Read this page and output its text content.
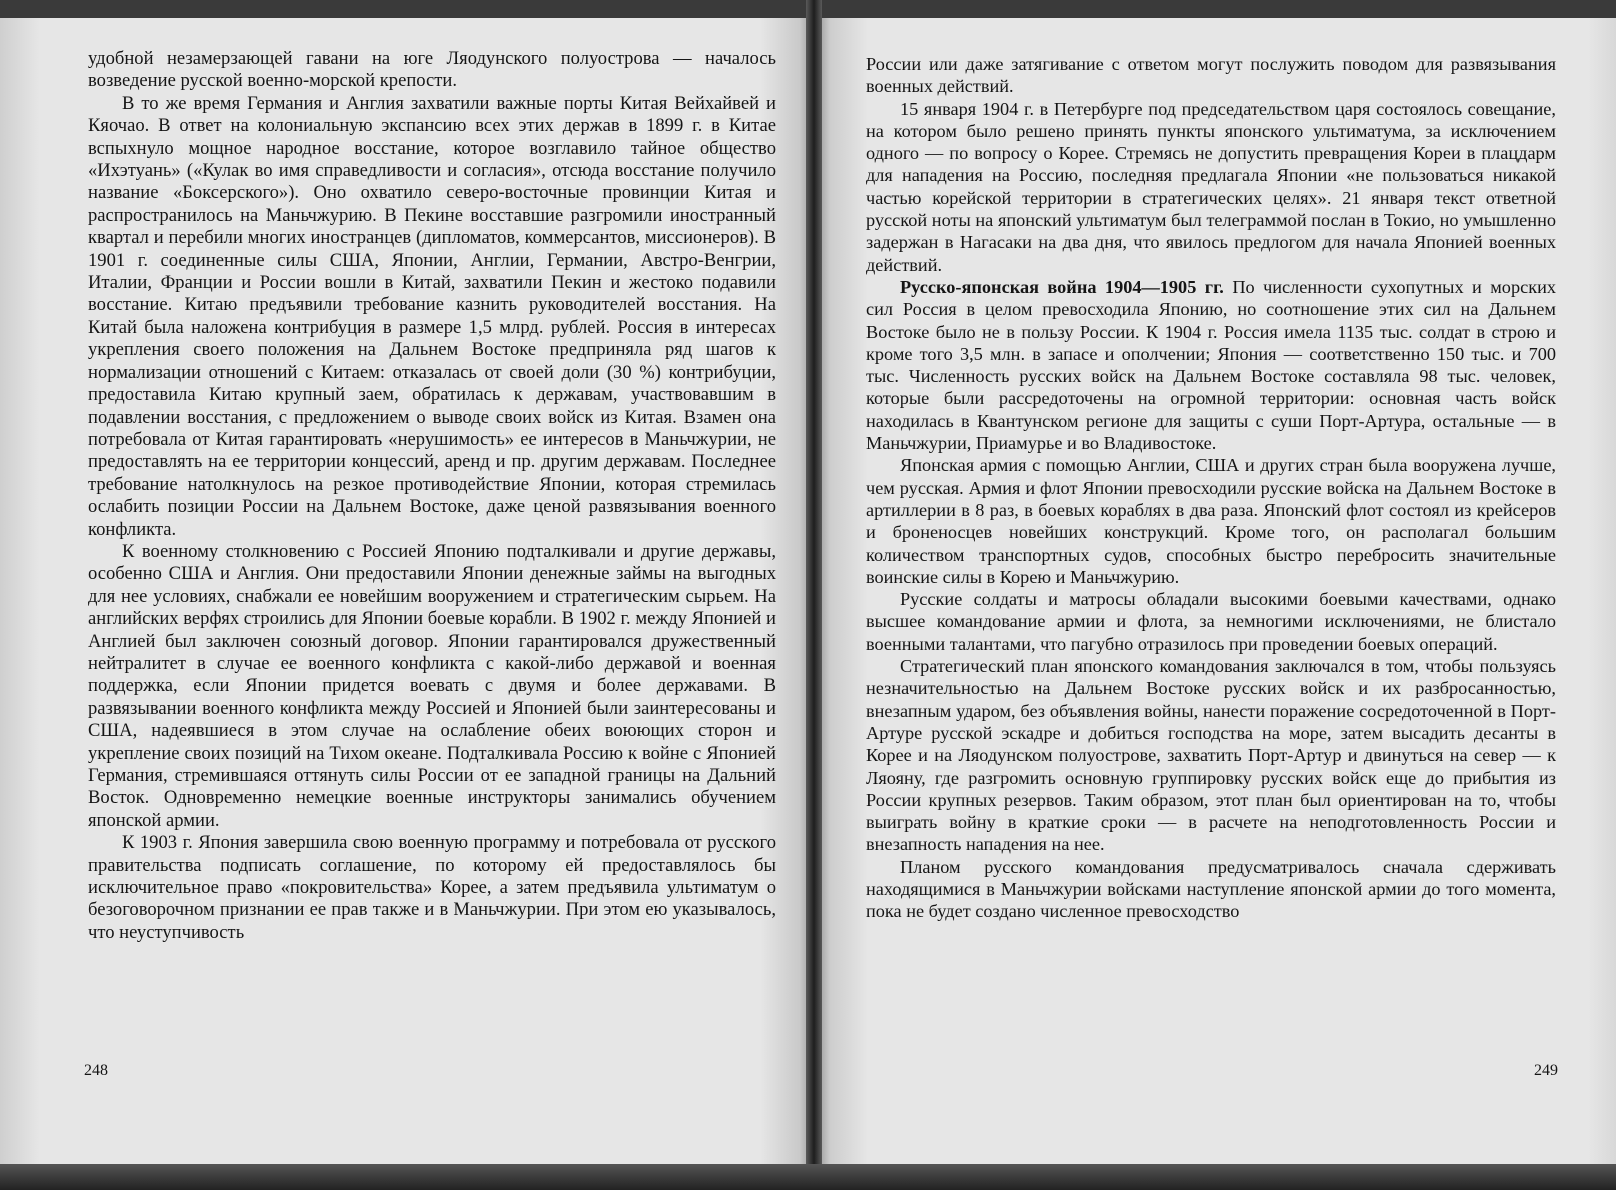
удобной незамерзающей гавани на юге Ляодунского полуострова — началось возведение русской военно-морской крепости.

В то же время Германия и Англия захватили важные порты Китая Вейхайвей и Кяочао. В ответ на колониальную экспансию всех этих держав в 1899 г. в Китае вспыхнуло мощное народное восстание, которое возглавило тайное общество «Ихэтуань» («Кулак во имя справедливости и согласия», отсюда восстание получило название «Боксерского»). Оно охватило северо-восточные провинции Китая и распространилось на Маньчжурию. В Пекине восставшие разгромили иностранный квартал и перебили многих иностранцев (дипломатов, коммерсантов, миссионеров). В 1901 г. соединенные силы США, Японии, Англии, Германии, Австро-Венгрии, Италии, Франции и России вошли в Китай, захватили Пекин и жестоко подавили восстание. Китаю предъявили требование казнить руководителей восстания. На Китай была наложена контрибуция в размере 1,5 млрд. рублей. Россия в интересах укрепления своего положения на Дальнем Востоке предприняла ряд шагов к нормализации отношений с Китаем: отказалась от своей доли (30 %) контрибуции, предоставила Китаю крупный заем, обратилась к державам, участвовавшим в подавлении восстания, с предложением о выводе своих войск из Китая. Взамен она потребовала от Китая гарантировать «нерушимость» ее интересов в Маньчжурии, не предоставлять на ее территории концессий, аренд и пр. другим державам. Последнее требование натолкнулось на резкое противодействие Японии, которая стремилась ослабить позиции России на Дальнем Востоке, даже ценой развязывания военного конфликта.

К военному столкновению с Россией Японию подталкивали и другие державы, особенно США и Англия. Они предоставили Японии денежные займы на выгодных для нее условиях, снабжали ее новейшим вооружением и стратегическим сырьем. На английских верфях строились для Японии боевые корабли. В 1902 г. между Японией и Англией был заключен союзный договор. Японии гарантировался дружественный нейтралитет в случае ее военного конфликта с какой-либо державой и военная поддержка, если Японии придется воевать с двумя и более державами. В развязывании военного конфликта между Россией и Японией были заинтересованы и США, надеявшиеся в этом случае на ослабление обеих воюющих сторон и укрепление своих позиций на Тихом океане. Подталкивала Россию к войне с Японией Германия, стремившаяся оттянуть силы России от ее западной границы на Дальний Восток. Одновременно немецкие военные инструкторы занимались обучением японской армии.

К 1903 г. Япония завершила свою военную программу и потребовала от русского правительства подписать соглашение, по которому ей предоставлялось бы исключительное право «покровительства» Корее, а затем предъявила ультиматум о безоговорочном признании ее прав также и в Маньчжурии. При этом ею указывалось, что неуступчивость

248

России или даже затягивание с ответом могут послужить поводом для развязывания военных действий.

15 января 1904 г. в Петербурге под председательством царя состоялось совещание, на котором было решено принять пункты японского ультиматума, за исключением одного — по вопросу о Корее. Стремясь не допустить превращения Кореи в плацдарм для нападения на Россию, последняя предлагала Японии «не пользоваться никакой частью корейской территории в стратегических целях». 21 января текст ответной русской ноты на японский ультиматум был телеграммой послан в Токио, но умышленно задержан в Нагасаки на два дня, что явилось предлогом для начала Японией военных действий.

Русско-японская война 1904—1905 гг. По численности сухопутных и морских сил Россия в целом превосходила Японию, но соотношение этих сил на Дальнем Востоке было не в пользу России. К 1904 г. Россия имела 1135 тыс. солдат в строю и кроме того 3,5 млн. в запасе и ополчении; Япония — соответственно 150 тыс. и 700 тыс. Численность русских войск на Дальнем Востоке составляла 98 тыс. человек, которые были рассредоточены на огромной территории: основная часть войск находилась в Квантунском регионе для защиты с суши Порт-Артура, остальные — в Маньчжурии, Приамурье и во Владивостоке.

Японская армия с помощью Англии, США и других стран была вооружена лучше, чем русская. Армия и флот Японии превосходили русские войска на Дальнем Востоке в артиллерии в 8 раз, в боевых кораблях в два раза. Японский флот состоял из крейсеров и броненосцев новейших конструкций. Кроме того, он располагал большим количеством транспортных судов, способных быстро перебросить значительные воинские силы в Корею и Маньчжурию.

Русские солдаты и матросы обладали высокими боевыми качествами, однако высшее командование армии и флота, за немногими исключениями, не блистало военными талантами, что пагубно отразилось при проведении боевых операций.

Стратегический план японского командования заключался в том, чтобы пользуясь незначительностью на Дальнем Востоке русских войск и их разбросанностью, внезапным ударом, без объявления войны, нанести поражение сосредоточенной в Порт-Артуре русской эскадре и добиться господства на море, затем высадить десанты в Корее и на Ляодунском полуострове, захватить Порт-Артур и двинуться на север — к Ляояну, где разгромить основную группировку русских войск еще до прибытия из России крупных резервов. Таким образом, этот план был ориентирован на то, чтобы выиграть войну в краткие сроки — в расчете на неподготовленность России и внезапность нападения на нее.

Планом русского командования предусматривалось сначала сдерживать находящимися в Маньчжурии войсками наступление японской армии до того момента, пока не будет создано численное превосходство

249
